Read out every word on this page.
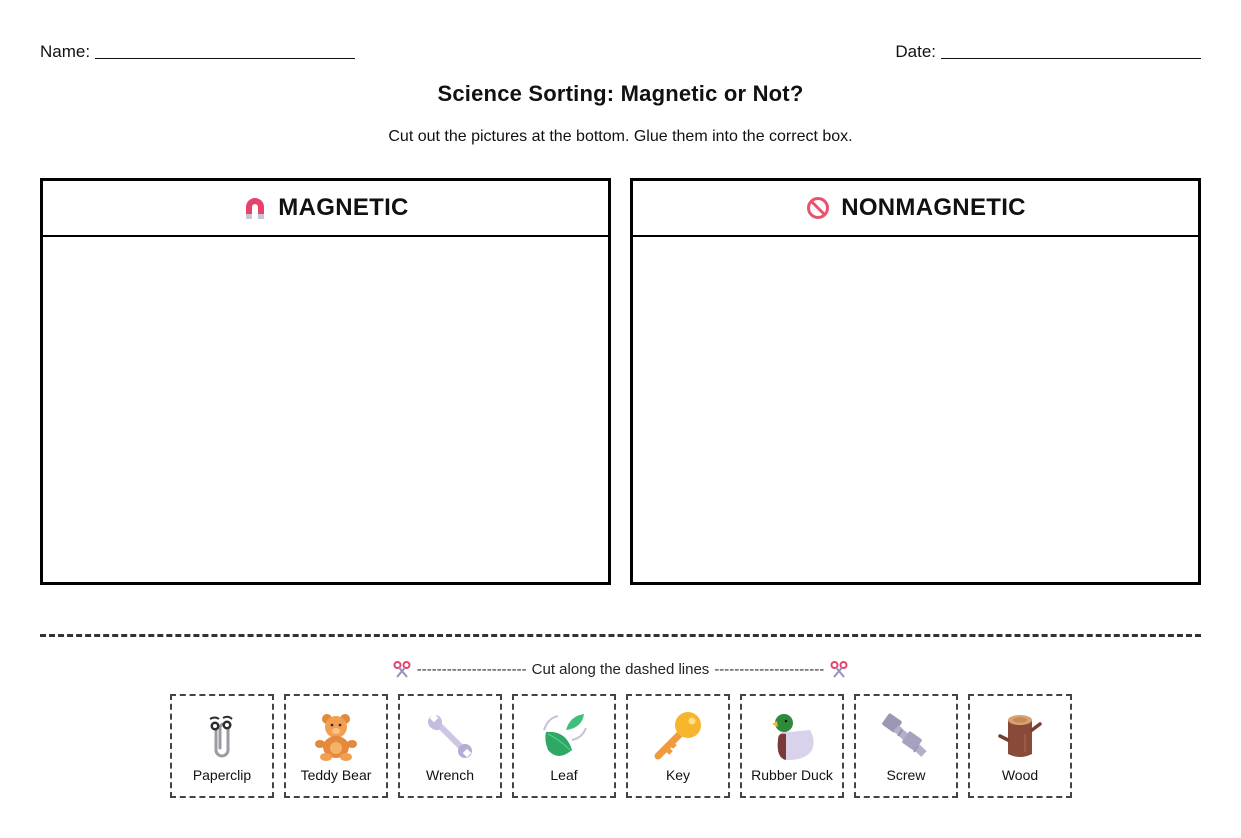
Name:	Date:
Science Sorting: Magnetic or Not?

Cut out the pictures at the bottom. Glue them into the correct box.

MAGNETIC	NONMAGNETIC
---------------------- Cut along the dashed lines ----------------------
Paperclip	Teddy Bear	Wrench	Leaf	Key	Rubber Duck	Screw	Wood
